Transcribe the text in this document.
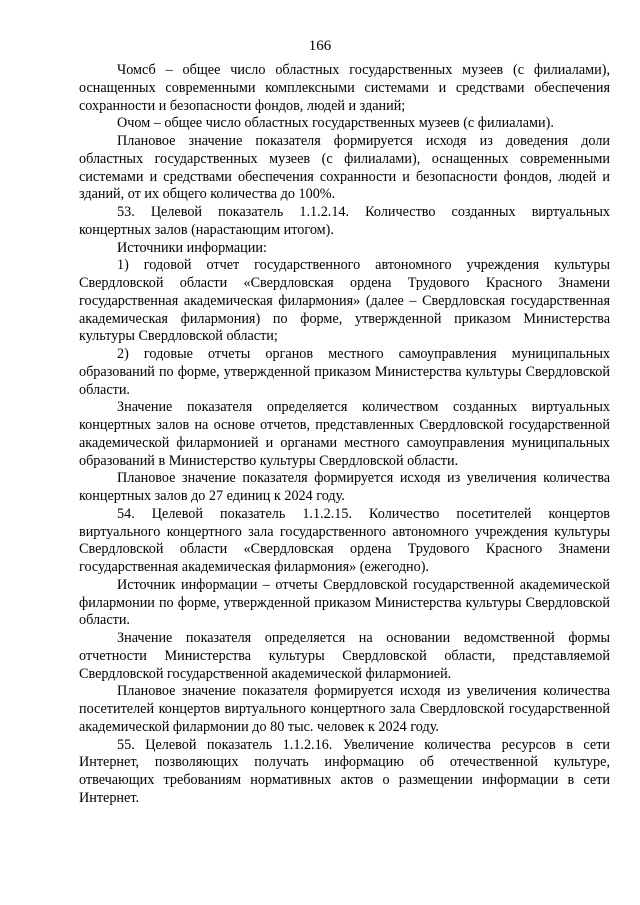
166

Чомсб – общее число областных государственных музеев (с филиалами), оснащенных современными комплексными системами и средствами обеспечения сохранности и безопасности фондов, людей и зданий;

Очом – общее число областных государственных музеев (с филиалами).

Плановое значение показателя формируется исходя из доведения доли областных государственных музеев (с филиалами), оснащенных современными системами и средствами обеспечения сохранности и безопасности фондов, людей и зданий, от их общего количества до 100%.

53. Целевой показатель 1.1.2.14. Количество созданных виртуальных концертных залов (нарастающим итогом).

Источники информации:

1) годовой отчет государственного автономного учреждения культуры Свердловской области «Свердловская ордена Трудового Красного Знамени государственная академическая филармония» (далее – Свердловская государственная академическая филармония) по форме, утвержденной приказом Министерства культуры Свердловской области;

2) годовые отчеты органов местного самоуправления муниципальных образований по форме, утвержденной приказом Министерства культуры Свердловской области.

Значение показателя определяется количеством созданных виртуальных концертных залов на основе отчетов, представленных Свердловской государственной академической филармонией и органами местного самоуправления муниципальных образований в Министерство культуры Свердловской области.

Плановое значение показателя формируется исходя из увеличения количества концертных залов до 27 единиц к 2024 году.

54. Целевой показатель 1.1.2.15. Количество посетителей концертов виртуального концертного зала государственного автономного учреждения культуры Свердловской области «Свердловская ордена Трудового Красного Знамени государственная академическая филармония» (ежегодно).

Источник информации – отчеты Свердловской государственной академической филармонии по форме, утвержденной приказом Министерства культуры Свердловской области.

Значение показателя определяется на основании ведомственной формы отчетности Министерства культуры Свердловской области, представляемой Свердловской государственной академической филармонией.

Плановое значение показателя формируется исходя из увеличения количества посетителей концертов виртуального концертного зала Свердловской государственной академической филармонии до 80 тыс. человек к 2024 году.

55. Целевой показатель 1.1.2.16. Увеличение количества ресурсов в сети Интернет, позволяющих получать информацию об отечественной культуре, отвечающих требованиям нормативных актов о размещении информации в сети Интернет.
